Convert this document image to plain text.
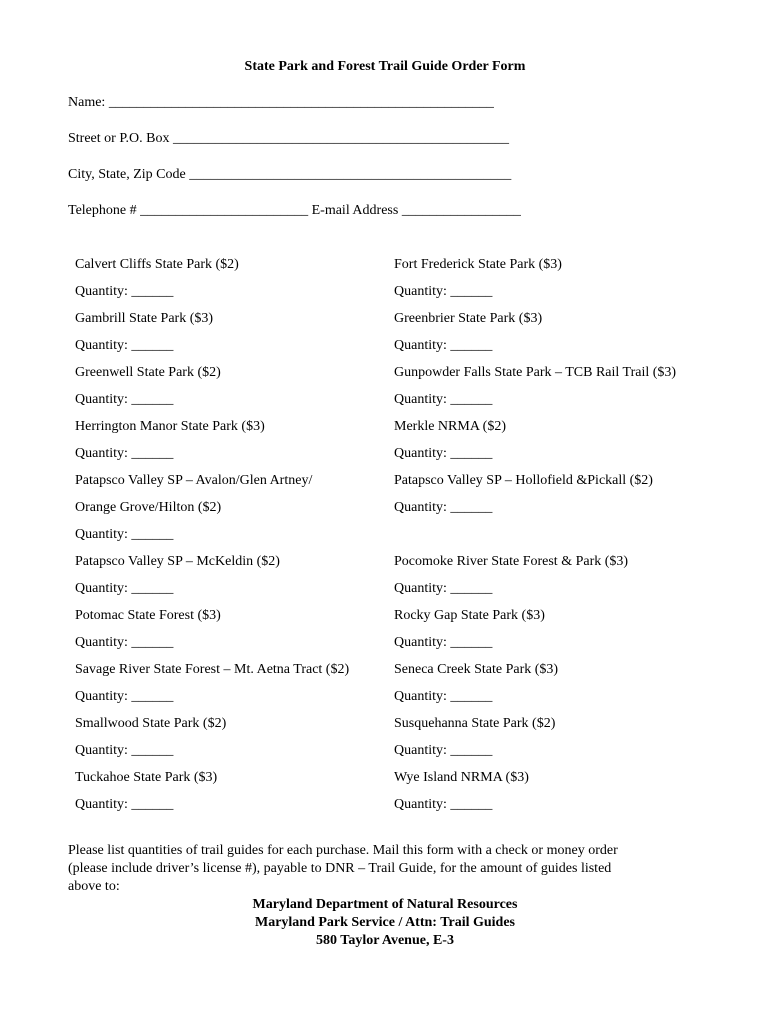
State Park and Forest Trail Guide Order Form
Name: _______________________________________________________
Street or P.O. Box ________________________________________________
City, State, Zip Code ______________________________________________
Telephone # ________________________ E-mail Address _________________
Calvert Cliffs State Park ($2)
Quantity: ______
Gambrill State Park ($3)
Quantity: ______
Greenwell State Park ($2)
Quantity: ______
Herrington Manor State Park ($3)
Quantity: ______
Patapsco Valley SP – Avalon/Glen Artney/
Orange Grove/Hilton ($2)
Quantity: ______
Patapsco Valley SP – McKeldin ($2)
Quantity: ______
Potomac State Forest ($3)
Quantity: ______
Savage River State Forest – Mt. Aetna Tract ($2)
Quantity: ______
Smallwood State Park ($2)
Quantity: ______
Tuckahoe State Park ($3)
Quantity: ______
Fort Frederick State Park ($3)
Quantity: ______
Greenbrier State Park ($3)
Quantity: ______
Gunpowder Falls State Park – TCB Rail Trail ($3)
Quantity: ______
Merkle NRMA ($2)
Quantity: ______
Patapsco Valley SP – Hollofield &Pickall ($2)
Quantity: ______
Pocomoke River State Forest & Park ($3)
Quantity: ______
Rocky Gap State Park ($3)
Quantity: ______
Seneca Creek State Park ($3)
Quantity: ______
Susquehanna State Park ($2)
Quantity: ______
Wye Island NRMA ($3)
Quantity: ______
Please list quantities of trail guides for each purchase. Mail this form with a check or money order (please include driver’s license #), payable to DNR – Trail Guide, for the amount of guides listed above to:
Maryland Department of Natural Resources
Maryland Park Service / Attn: Trail Guides
580 Taylor Avenue, E-3
